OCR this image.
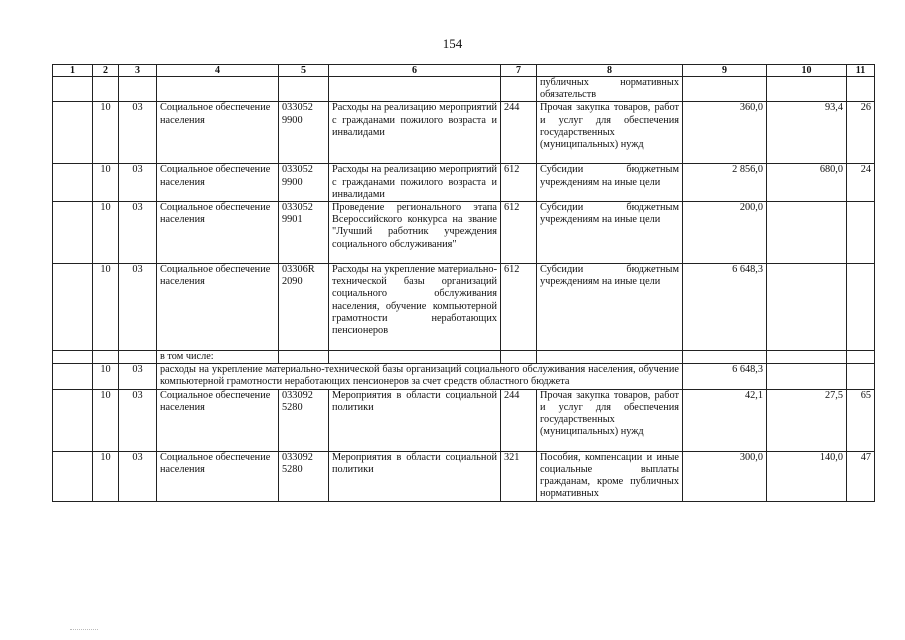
154
1	2	3	4	5	6	7	8	9	10	11
							публичных нормативных обязательств			
	10	03	Социальное обеспечение населения	033052 9900	Расходы на реализацию мероприятий с гражданами пожилого возраста и инвалидами	244	Прочая закупка товаров, работ и услуг для обеспечения государственных (муниципальных) нужд	360,0	93,4	26
	10	03	Социальное обеспечение населения	033052 9900	Расходы на реализацию мероприятий с гражданами пожилого возраста и инвалидами	612	Субсидии бюджетным учреждениям на иные цели	2 856,0	680,0	24
	10	03	Социальное обеспечение населения	033052 9901	Проведение регионального этапа Всероссийского конкурса на звание "Лучший работник учреждения социального обслуживания"	612	Субсидии бюджетным учреждениям на иные цели	200,0		
	10	03	Социальное обеспечение населения	03306R 2090	Расходы на укрепление материально-технической базы организаций социального обслуживания населения, обучение компьютерной грамотности неработающих пенсионеров	612	Субсидии бюджетным учреждениям на иные цели	6 648,3		
			в том числе:							
	10	03	расходы на укрепление материально-технической базы организаций социального обслуживания населения, обучение компьютерной грамотности неработающих пенсионеров за счет средств областного бюджета					6 648,3		
	10	03	Социальное обеспечение населения	033092 5280	Мероприятия в области социальной политики	244	Прочая закупка товаров, работ и услуг для обеспечения государственных (муниципальных) нужд	42,1	27,5	65
	10	03	Социальное обеспечение населения	033092 5280	Мероприятия в области социальной политики	321	Пособия, компенсации и иные социальные выплаты гражданам, кроме публичных нормативных	300,0	140,0	47
